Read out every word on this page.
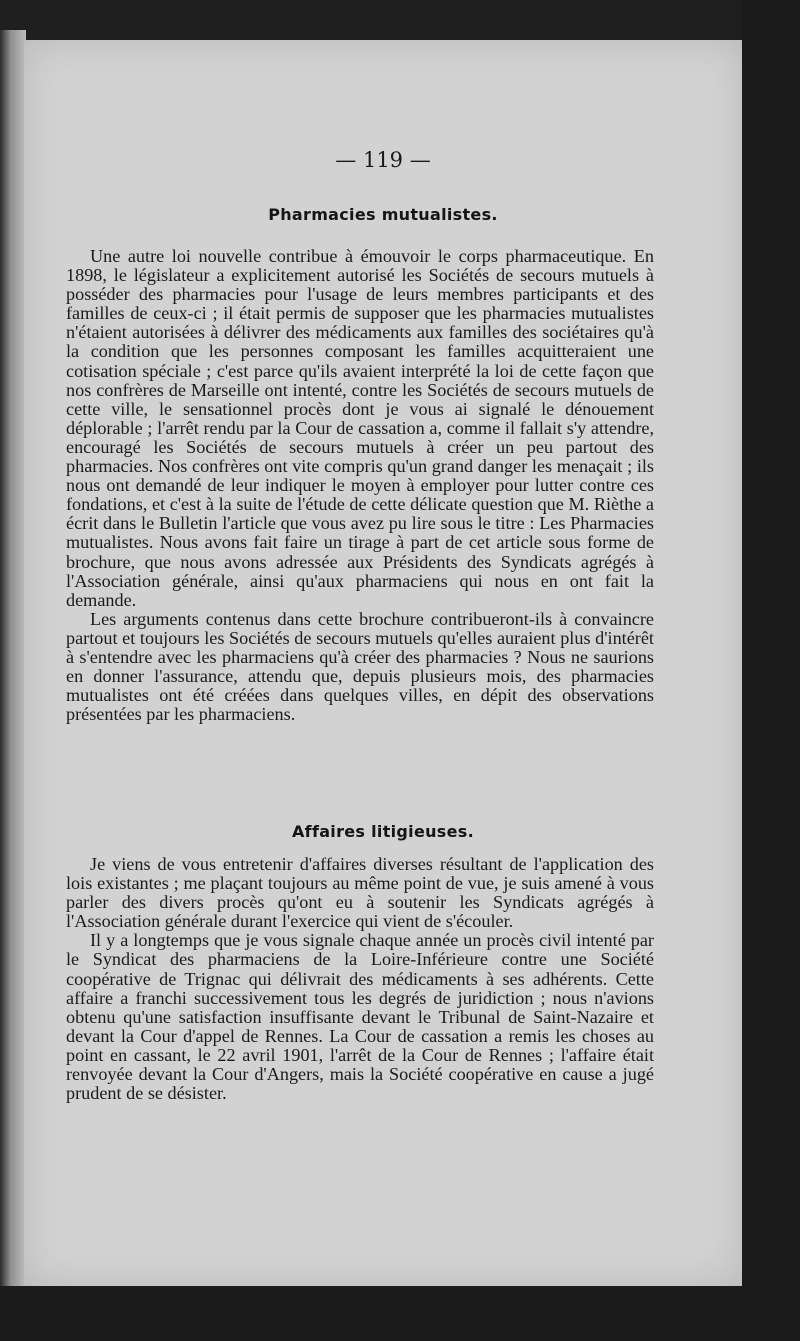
— 119 —
Pharmacies mutualistes.

Une autre loi nouvelle contribue à émouvoir le corps pharmaceutique. En 1898, le législateur a explicitement autorisé les Sociétés de secours mutuels à posséder des pharmacies pour l'usage de leurs membres participants et des familles de ceux-ci ; il était permis de supposer que les pharmacies mutualistes n'étaient autorisées à délivrer des médicaments aux familles des sociétaires qu'à la condition que les personnes composant les familles acquitteraient une cotisation spéciale ; c'est parce qu'ils avaient interprété la loi de cette façon que nos confrères de Marseille ont intenté, contre les Sociétés de secours mutuels de cette ville, le sensationnel procès dont je vous ai signalé le dénouement déplorable ; l'arrêt rendu par la Cour de cassation a, comme il fallait s'y attendre, encouragé les Sociétés de secours mutuels à créer un peu partout des pharmacies. Nos confrères ont vite compris qu'un grand danger les menaçait ; ils nous ont demandé de leur indiquer le moyen à employer pour lutter contre ces fondations, et c'est à la suite de l'étude de cette délicate question que M. Rièthe a écrit dans le Bulletin l'article que vous avez pu lire sous le titre : Les Pharmacies mutualistes. Nous avons fait faire un tirage à part de cet article sous forme de brochure, que nous avons adressée aux Présidents des Syndicats agrégés à l'Association générale, ainsi qu'aux pharmaciens qui nous en ont fait la demande.

Les arguments contenus dans cette brochure contribueront-ils à convaincre partout et toujours les Sociétés de secours mutuels qu'elles auraient plus d'intérêt à s'entendre avec les pharmaciens qu'à créer des pharmacies ? Nous ne saurions en donner l'assurance, attendu que, depuis plusieurs mois, des pharmacies mutualistes ont été créées dans quelques villes, en dépit des observations présentées par les pharmaciens.

Affaires litigieuses.

Je viens de vous entretenir d'affaires diverses résultant de l'application des lois existantes ; me plaçant toujours au même point de vue, je suis amené à vous parler des divers procès qu'ont eu à soutenir les Syndicats agrégés à l'Association générale durant l'exercice qui vient de s'écouler.

Il y a longtemps que je vous signale chaque année un procès civil intenté par le Syndicat des pharmaciens de la Loire-Inférieure contre une Société coopérative de Trignac qui délivrait des médicaments à ses adhérents. Cette affaire a franchi successivement tous les degrés de juridiction ; nous n'avions obtenu qu'une satisfaction insuffisante devant le Tribunal de Saint-Nazaire et devant la Cour d'appel de Rennes. La Cour de cassation a remis les choses au point en cassant, le 22 avril 1901, l'arrêt de la Cour de Rennes ; l'affaire était renvoyée devant la Cour d'Angers, mais la Société coopérative en cause a jugé prudent de se désister.
